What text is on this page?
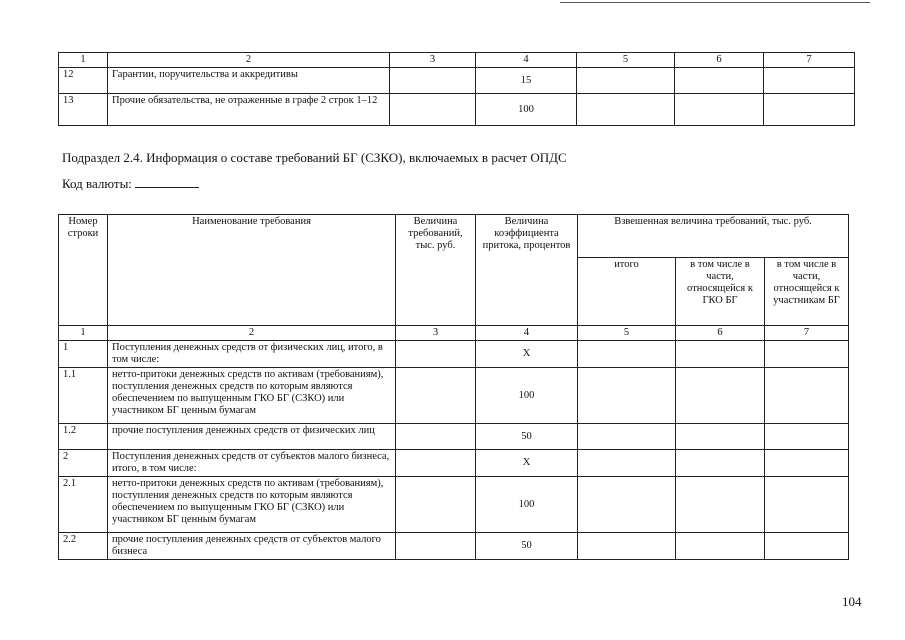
1	2	3	4	5	6	7
12	Гарантии, поручительства и аккредитивы		15			
13	Прочие обязательства, не отраженные в графе 2 строк 1–12		100			
Подраздел 2.4. Информация о составе требований БГ (СЗКО), включаемых в расчет ОПДС
Код валюты:
Номер строки	Наименование требования	Величина требований, тыс. руб.	Величина коэффициента притока, процентов	Взвешенная величина требований, тыс. руб.		
				итого	в том числе в части, относящейся к ГКО БГ	в том числе в части, относящейся к участникам БГ
1	2	3	4	5	6	7
1	Поступления денежных средств от физических лиц, итого, в том числе:		Х			
1.1	нетто-притоки денежных средств по активам (требованиям), поступления денежных средств по которым являются обеспечением по выпущенным ГКО БГ (СЗКО) или участником БГ ценным бумагам		100			
1.2	прочие поступления денежных средств от физических лиц		50			
2	Поступления денежных средств от субъектов малого бизнеса, итого, в том числе:		Х			
2.1	нетто-притоки денежных средств по активам (требованиям), поступления денежных средств по которым являются обеспечением по выпущенным ГКО БГ (СЗКО) или участником БГ ценным бумагам		100			
2.2	прочие поступления денежных средств от субъектов малого бизнеса		50			
104
